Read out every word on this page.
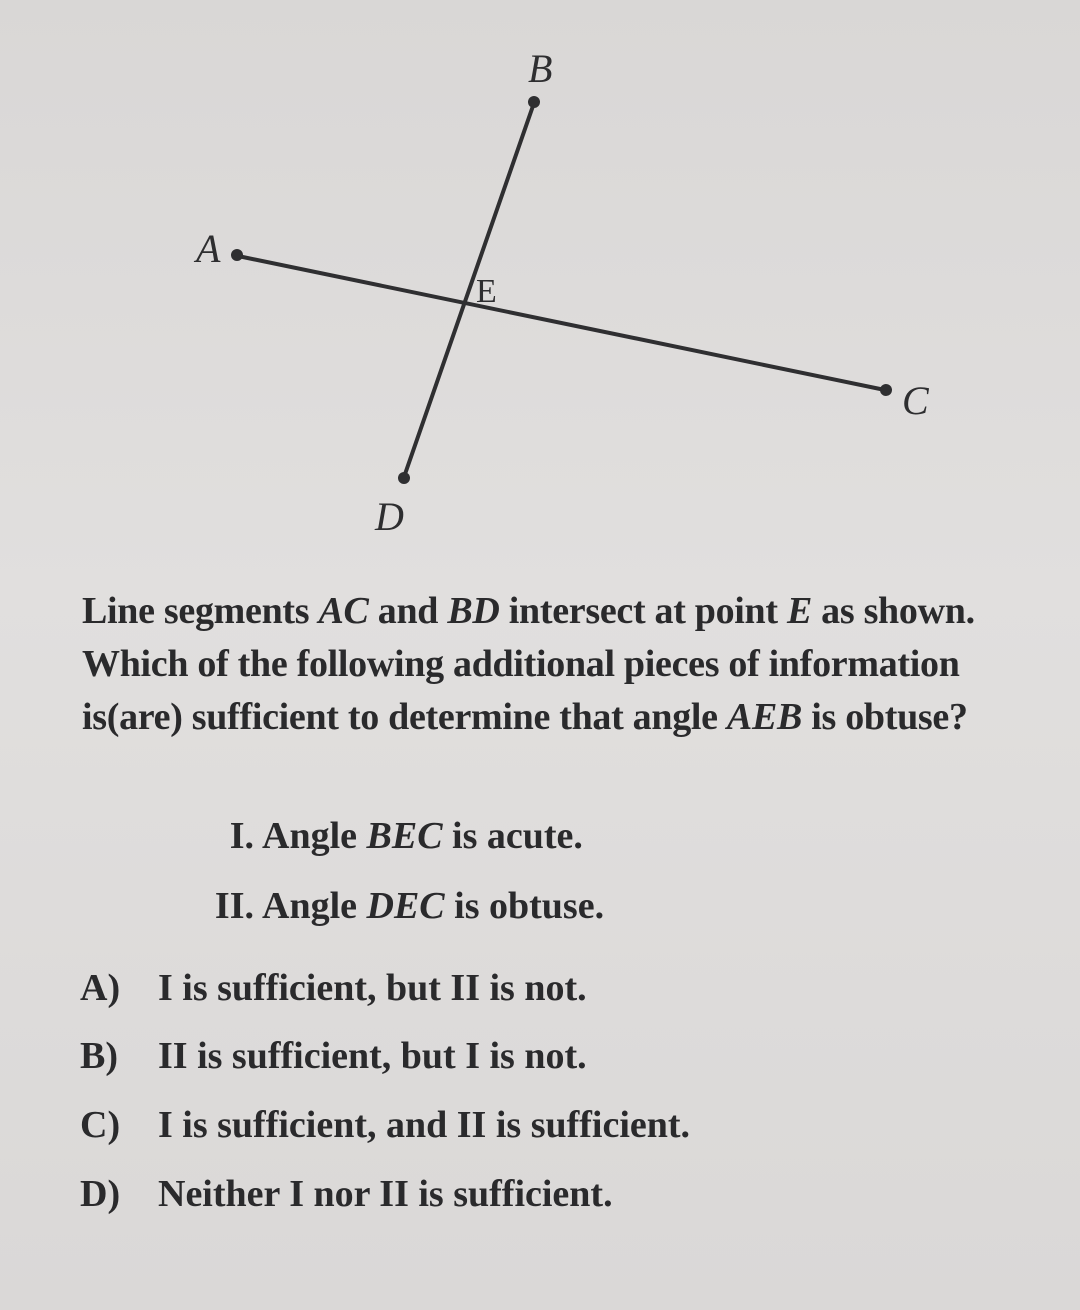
A
B
C
D
E

Line segments AC and BD intersect at point E as shown. Which of the following additional pieces of information is(are) sufficient to determine that angle AEB is obtuse?

I. Angle BEC is acute.
II. Angle DEC is obtuse.
A) I is sufficient, but II is not.
B) II is sufficient, but I is not.
C) I is sufficient, and II is sufficient.
D) Neither I nor II is sufficient.
